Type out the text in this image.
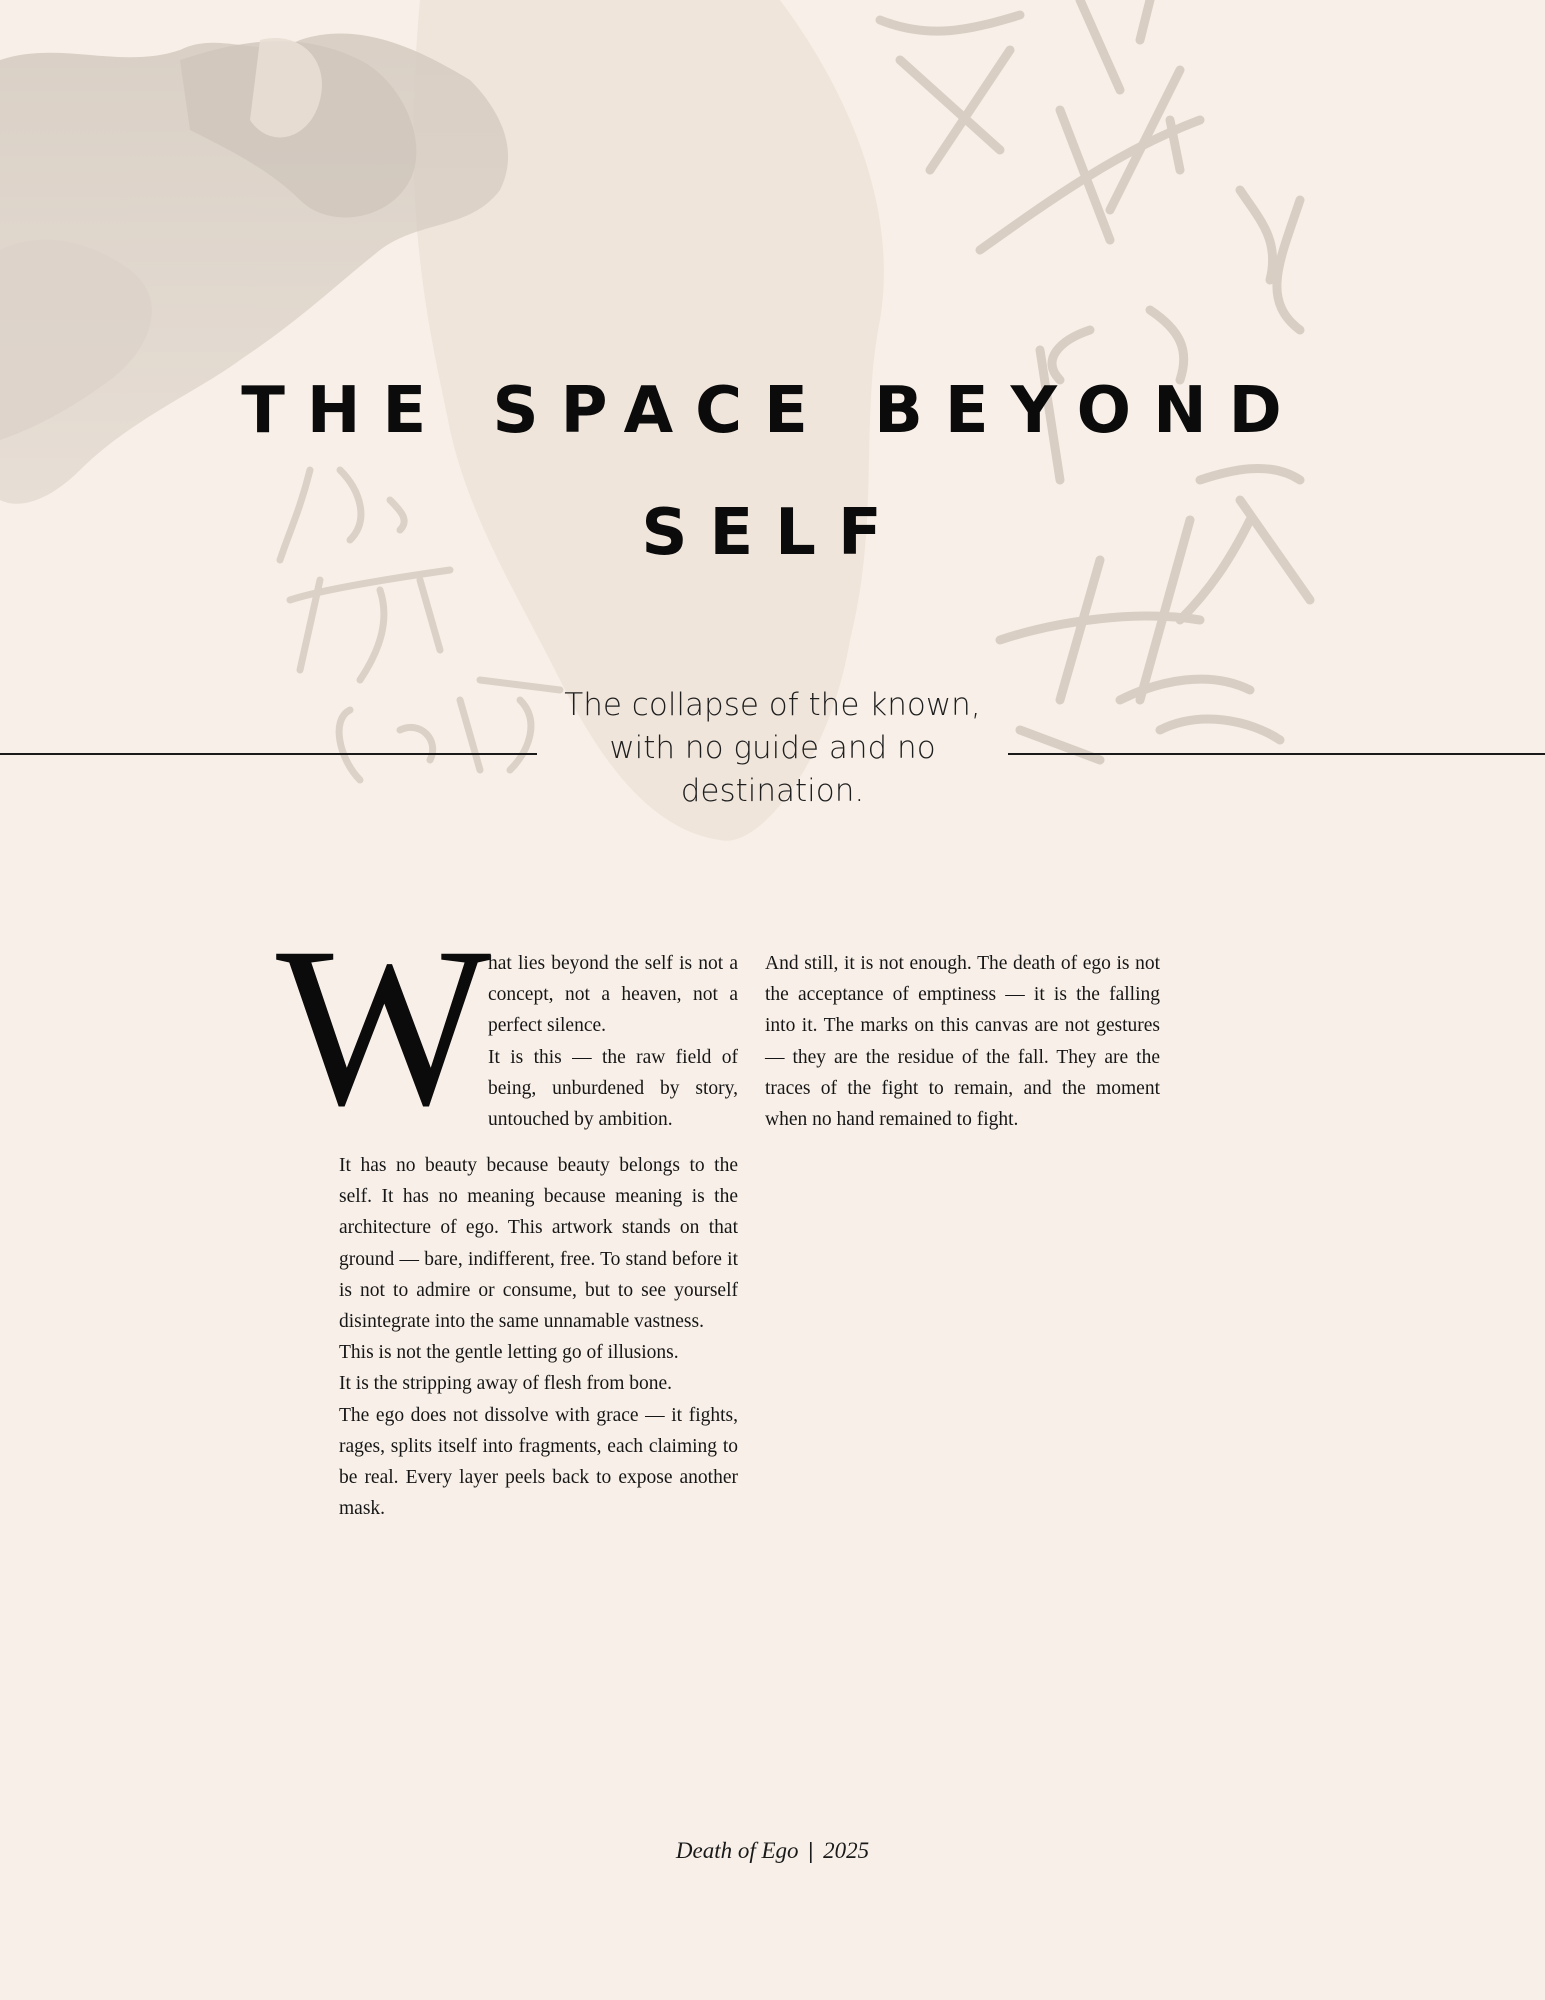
THE SPACE BEYOND
SELF

The collapse of the known, with no guide and no destination.

W

hat lies beyond the self is not a concept, not a heaven, not a perfect silence.

It is this — the raw field of being, unburdened by story, untouched by ambition.

It has no beauty because beauty belongs to the self. It has no meaning because meaning is the architecture of ego. This artwork stands on that ground — bare, indifferent, free. To stand before it is not to admire or consume, but to see yourself disintegrate into the same unnamable vastness.

This is not the gentle letting go of illusions.

It is the stripping away of flesh from bone.

The ego does not dissolve with grace — it fights, rages, splits itself into fragments, each claiming to be real. Every layer peels back to expose another mask.

And still, it is not enough. The death of ego is not the acceptance of emptiness — it is the falling into it. The marks on this canvas are not gestures — they are the residue of the fall. They are the traces of the fight to remain, and the moment when no hand remained to fight.

Death of Ego | 2025
